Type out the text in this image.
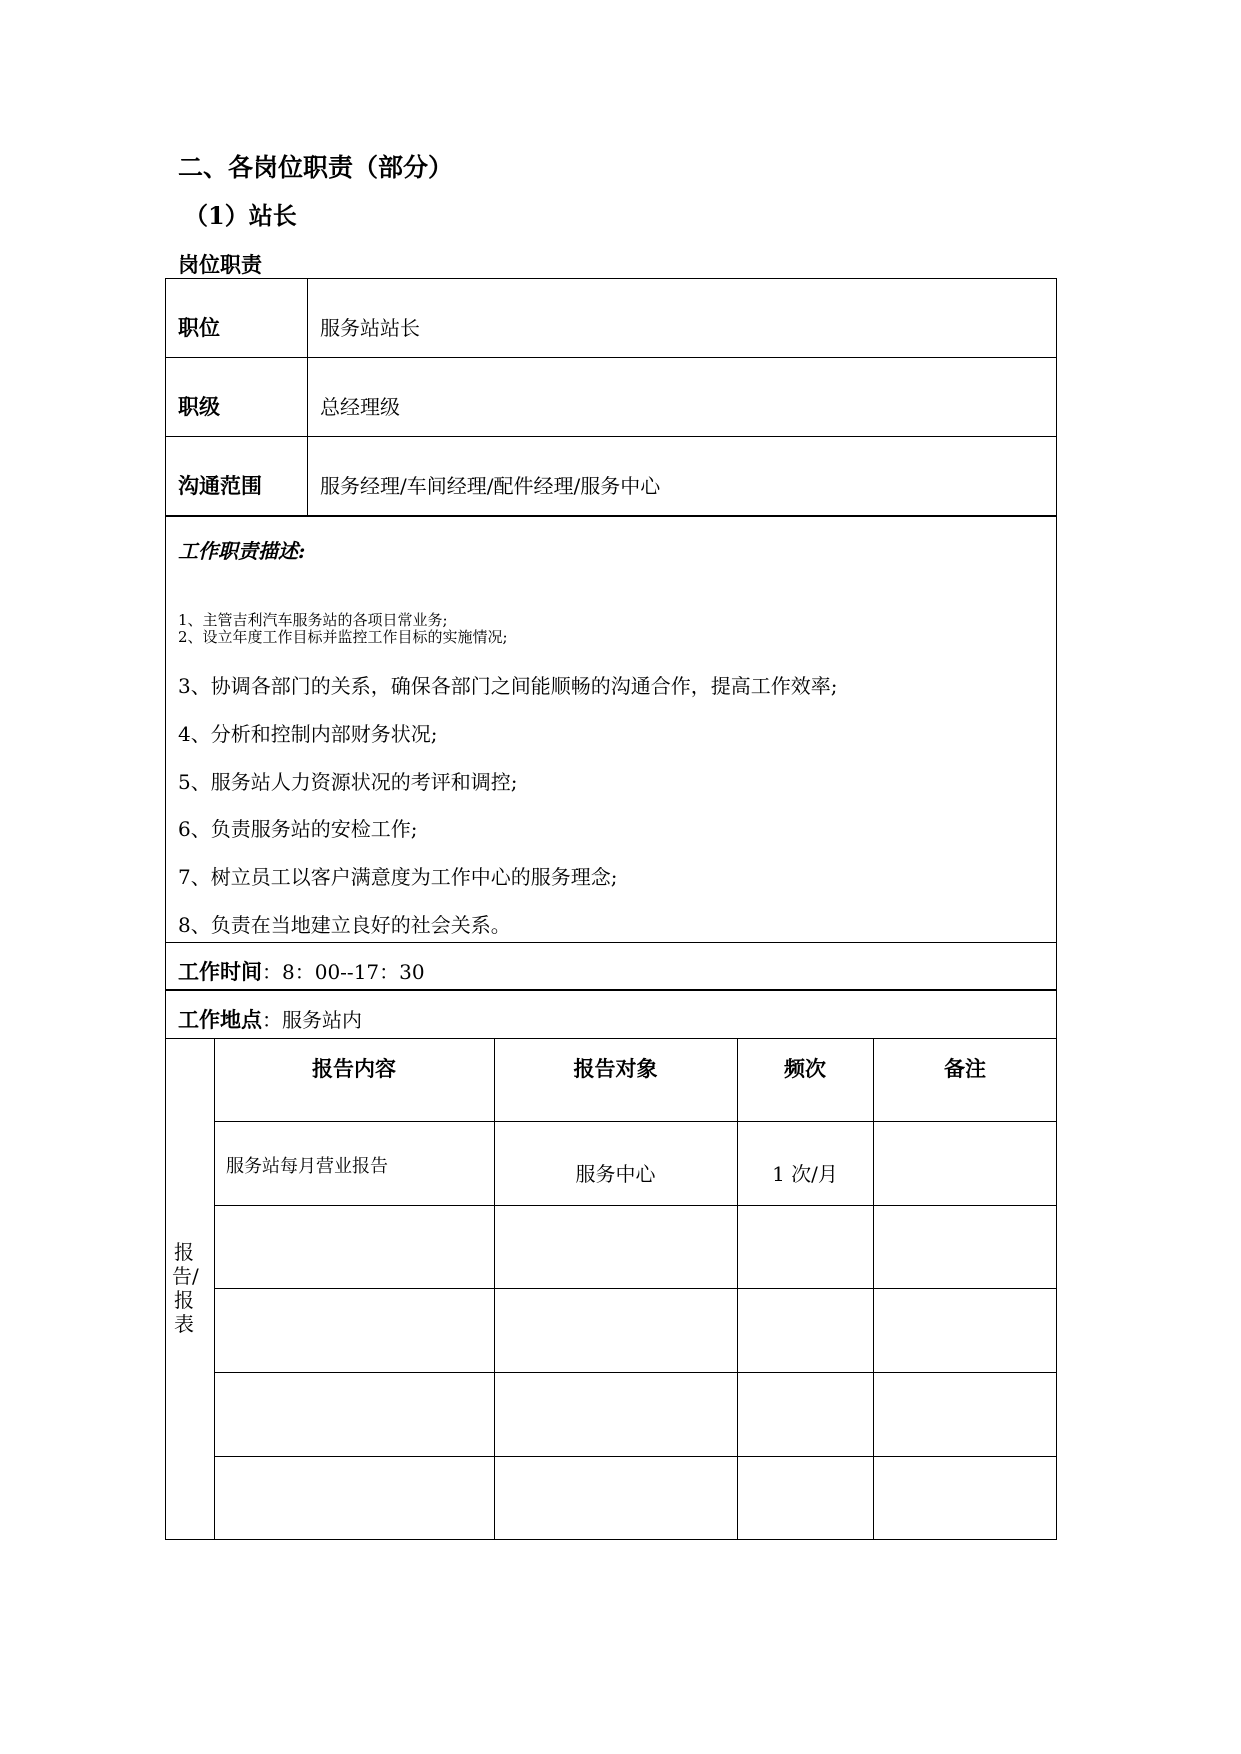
二、各岗位职责（部分）
（1）站长
岗位职责
职位	服务站站长
职级	总经理级
沟通范围	服务经理/车间经理/配件经理/服务中心
工作职责描述:
1、主管吉利汽车服务站的各项日常业务;
2、设立年度工作目标并监控工作目标的实施情况;
3、协调各部门的关系，确保各部门之间能顺畅的沟通合作，提高工作效率;
4、分析和控制内部财务状况;
5、服务站人力资源状况的考评和调控;
6、负责服务站的安检工作;
7、树立员工以客户满意度为工作中心的服务理念;
8、负责在当地建立良好的社会关系。
工作时间：8：00--17：30
工作地点：服务站内
报告/报表
报告内容	报告对象	频次	备注
服务站每月营业报告	服务中心	1 次/月
